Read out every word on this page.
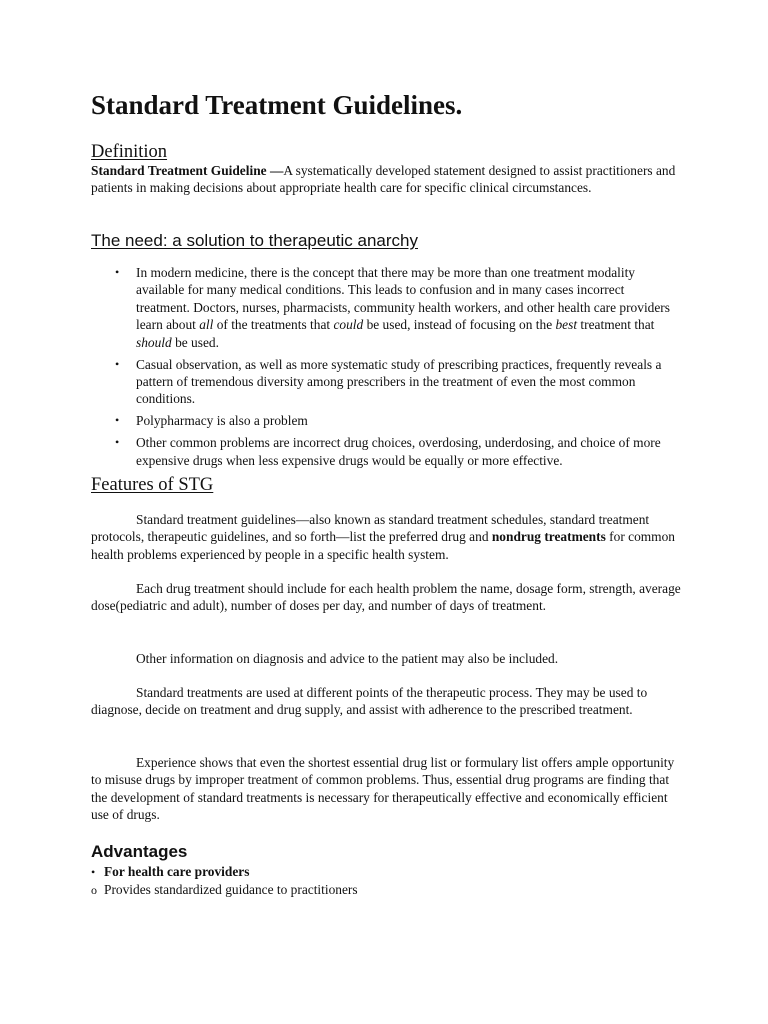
Standard Treatment Guidelines.
Definition

Standard Treatment Guideline —A systematically developed statement designed to assist practitioners and patients in making decisions about appropriate health care for specific clinical circumstances.

The need: a solution to therapeutic anarchy
• In modern medicine, there is the concept that there may be more than one treatment modality available for many medical conditions. This leads to confusion and in many cases incorrect treatment. Doctors, nurses, pharmacists, community health workers, and other health care providers learn about all of the treatments that could be used, instead of focusing on the best treatment that should be used.
• Casual observation, as well as more systematic study of prescribing practices, frequently reveals a pattern of tremendous diversity among prescribers in the treatment of even the most common conditions.
• Polypharmacy is also a problem
• Other common problems are incorrect drug choices, overdosing, underdosing, and choice of more expensive drugs when less expensive drugs would be equally or more effective.
Features of STG

Standard treatment guidelines—also known as standard treatment schedules, standard treatment protocols, therapeutic guidelines, and so forth—list the preferred drug and nondrug treatments for common health problems experienced by people in a specific health system.

Each drug treatment should include for each health problem the name, dosage form, strength, average dose(pediatric and adult), number of doses per day, and number of days of treatment.

Other information on diagnosis and advice to the patient may also be included.

Standard treatments are used at different points of the therapeutic process. They may be used to diagnose, decide on treatment and drug supply, and assist with adherence to the prescribed treatment.

Experience shows that even the shortest essential drug list or formulary list offers ample opportunity to misuse drugs by improper treatment of common problems. Thus, essential drug programs are finding that the development of standard treatments is necessary for therapeutically effective and economically efficient use of drugs.

Advantages

• For health care providers

o Provides standardized guidance to practitioners
